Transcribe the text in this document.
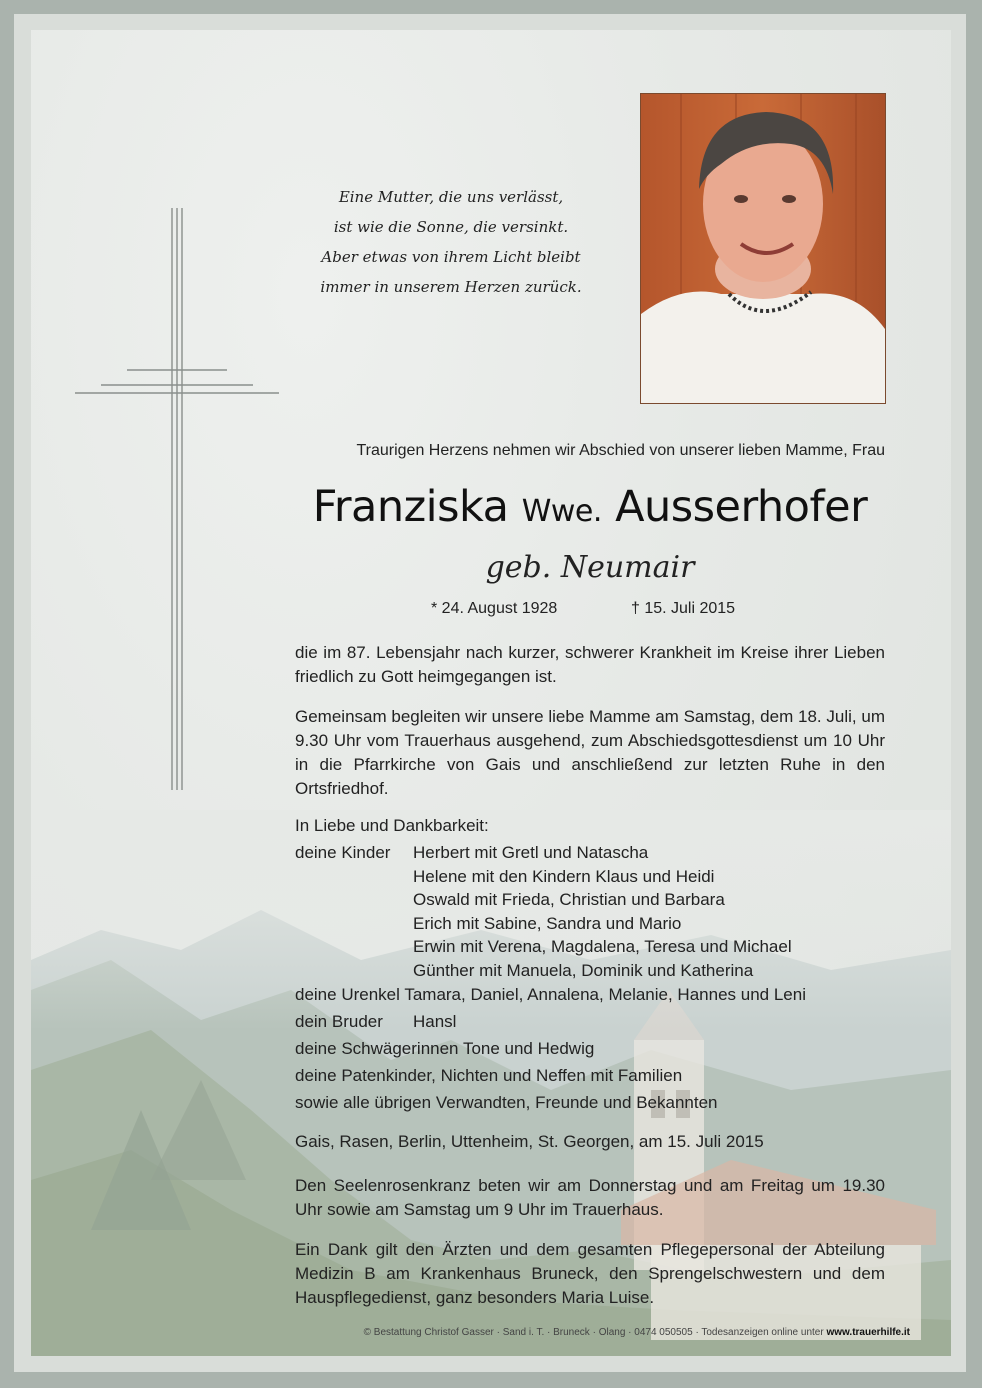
Eine Mutter, die uns verlässt,
ist wie die Sonne, die versinkt.
Aber etwas von ihrem Licht bleibt
immer in unserem Herzen zurück.
Traurigen Herzens nehmen wir Abschied von unserer lieben Mamme, Frau
Franziska Wwe. Ausserhofer
geb. Neumair
* 24. August 1928	† 15. Juli 2015
die im 87. Lebensjahr nach kurzer, schwerer Krankheit im Kreise ihrer Lieben friedlich zu Gott heimgegangen ist.
Gemeinsam begleiten wir unsere liebe Mamme am Samstag, dem 18. Juli, um 9.30 Uhr vom Trauerhaus ausgehend, zum Abschiedsgottesdienst um 10 Uhr in die Pfarrkirche von Gais und anschließend zur letzten Ruhe in den Ortsfriedhof.
In Liebe und Dankbarkeit:
deine Kinder	Herbert mit Gretl und Natascha
Helene mit den Kindern Klaus und Heidi
Oswald mit Frieda, Christian und Barbara
Erich mit Sabine, Sandra und Mario
Erwin mit Verena, Magdalena, Teresa und Michael
Günther mit Manuela, Dominik und Katherina
deine Urenkel Tamara, Daniel, Annalena, Melanie, Hannes und Leni
dein Bruder Hansl
deine Schwägerinnen Tone und Hedwig
deine Patenkinder, Nichten und Neffen mit Familien
sowie alle übrigen Verwandten, Freunde und Bekannten
Gais, Rasen, Berlin, Uttenheim, St. Georgen, am 15. Juli 2015
Den Seelenrosenkranz beten wir am Donnerstag und am Freitag um 19.30 Uhr sowie am Samstag um 9 Uhr im Trauerhaus.
Ein Dank gilt den Ärzten und dem gesamten Pflegepersonal der Abteilung Medizin B am Krankenhaus Bruneck, den Sprengelschwestern und dem Hauspflegedienst, ganz besonders Maria Luise.
© Bestattung Christof Gasser · Sand i. T. · Bruneck · Olang · 0474 050505 · Todesanzeigen online unter www.trauerhilfe.it
